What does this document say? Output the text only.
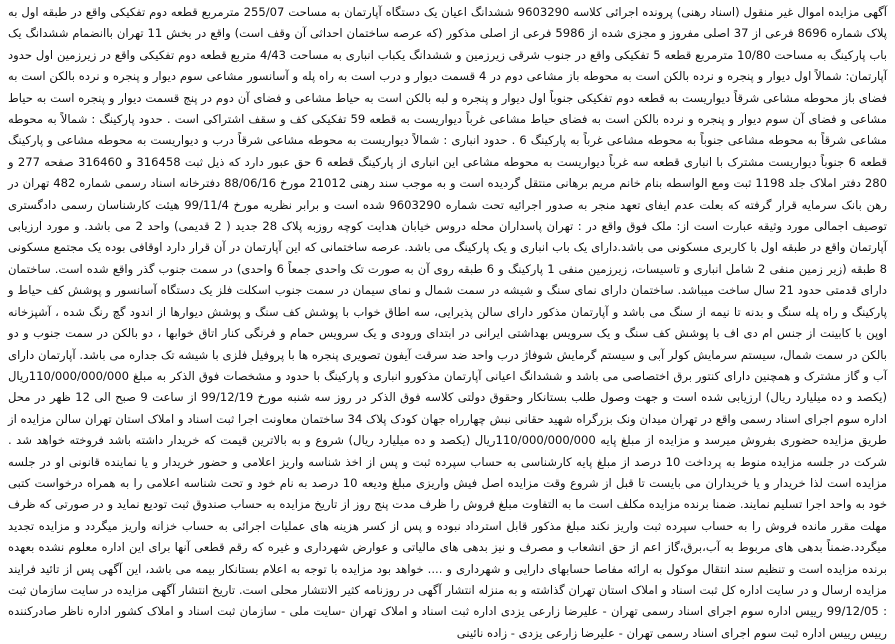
آگهی مزایده اموال غیر منقول (اسناد رهنی) پرونده اجرائی کلاسه 9603290 ششدانگ اعیان یک دستگاه آپارتمان به مساحت 255/07 مترمربع قطعه دوم تفکیکی واقع در طبقه اول به پلاک شماره 8696 فرعی از 37 اصلی مفروز و مجزی شده از 5986 فرعی از اصلی مذکور (که عرصه ساختمان احداثی آن وقف است) واقع در بخش 11 تهران باانضمام ششدانگ یک باب پارکینگ به مساحت 10/80 مترمربع قطعه 5 تفکیکی واقع در جنوب شرقی زیرزمین و ششدانگ یکباب انباری به مساحت 4/43 متربع قطعه دوم تفکیکی واقع در زیرزمین اول حدود آپارتمان: شمالاً اول دیوار و پنجره و نرده بالکن است به محوطه باز مشاعی دوم در 4 قسمت دیوار و درب است به راه پله و آسانسور مشاعی سوم دیوار و پنجره و نرده بالکن است به فضای باز محوطه مشاعی شرقاً دیواریست به قطعه دوم تفکیکی جنوباً اول دیوار و پنجره و لبه بالکن است به حیاط مشاعی و فضای آن دوم در پنج قسمت دیوار و پنجره است به حیاط مشاعی و فضای آن سوم دیوار و پنجره و نرده بالکن است به فضای حیاط مشاعی غرباً دیواریست به قطعه 59 تفکیکی کف و سقف اشتراکی است . حدود پارکینگ : شمالاً به محوطه مشاعی شرقاً به محوطه مشاعی جنوباً به محوطه مشاعی غرباً به پارکینگ 6 . حدود انباری : شمالاً دیواریست به محوطه مشاعی شرقاً درب و دیواریست به محوطه مشاعی و پارکینگ قطعه 6 جنوباً دیواریست مشترک با انباری قطعه سه غرباً دیواریست به محوطه مشاعی این انباری از پارکینگ قطعه 6 حق عبور دارد که ذیل ثبت 316458 و 316460 صفحه 277 و 280 دفتر املاک جلد 1198 ثبت ومع الواسطه بنام خانم مریم برهانی منتقل گردیده است و به موجب سند رهنی 21012 مورخ 88/06/16 دفترخانه اسناد رسمی شماره 482 تهران در رهن بانک سرمایه قرار گرفته که بعلت عدم ایفای تعهد منجر به صدور اجرائیه تحت شماره 9603290 شده است و برابر نظریه مورخ 99/11/4 هیئت کارشناسان رسمی دادگستری توصیف اجمالی مورد وثیقه عبارت است از: ملک فوق واقع در : تهران پاسداران محله دروس خیابان هدایت کوچه روزبه پلاک 28 جدید ( 2 قدیمی) واحد 2 می باشد. و مورد ارزیابی آپارتمان واقع در طبقه اول با کاربری مسکونی می باشد.دارای یک باب انباری و یک پارکینگ می باشد. عرصه ساختمانی که این آپارتمان در آن قرار دارد اوقافی بوده یک مجتمع مسکونی 8 طبقه (زیر زمین منفی 2 شامل انباری و تاسیسات، زیرزمین منفی 1 پارکینگ و 6 طبقه روی آن به صورت تک واحدی جمعاً 6 واحدی) در سمت جنوب گذر واقع شده است. ساختمان دارای قدمتی حدود 21 سال ساخت میباشد. ساختمان دارای نمای سنگ و شیشه در سمت شمال و نمای سیمان در سمت جنوب اسکلت فلز یک دستگاه آسانسور و پوشش کف حیاط و پارکینگ و راه پله سنگ و بدنه تا نیمه از سنگ می باشد و آپارتمان مذکور دارای سالن پذیرایی، سه اطاق خواب با پوشش کف سنگ و پوشش دیوارها از اندود گچ رنگ شده ، آشپزخانه اوپن با کابینت از جنس ام دی اف با پوشش کف سنگ و یک سرویس بهداشتی ایرانی در ابتدای ورودی و یک سرویس حمام و فرنگی کنار اتاق خوابها ، دو بالکن در سمت جنوب و دو بالکن در سمت شمال، سیستم سرمایش کولر آبی و سیستم گرمایش شوفاژ درب واحد ضد سرقت آیفون تصویری پنجره ها با پروفیل فلزی با شیشه تک جداره می باشد. آپارتمان دارای آب و گاز مشترک و همچنین دارای کنتور برق اختصاصی می باشد و ششدانگ اعیانی آپارتمان مذکورو انباری و پارکینگ با حدود و مشخصات فوق الذکر به مبلغ 110/000/000/000ریال (یکصد و ده میلیارد ریال) ارزیابی شده است و جهت وصول طلب بستانکار وحقوق دولتی کلاسه فوق الذکر در روز سه شنبه مورخ 99/12/19 از ساعت 9 صبح الی 12 ظهر در محل اداره سوم اجرای اسناد رسمی واقع در تهران میدان ونک بزرگراه شهید حقانی نبش چهارراه جهان کودک پلاک 34 ساختمان معاونت اجرا ثبت اسناد و املاک استان تهران سالن مزایده از طریق مزایده حضوری بفروش میرسد و مزایده از مبلغ پایه 110/000/000/000ریال (یکصد و ده میلیارد ریال) شروع و به بالاترین قیمت که خریدار داشته باشد فروخته خواهد شد . شرکت در جلسه مزایده منوط به پرداخت 10 درصد از مبلغ پایه کارشناسی به حساب سپرده ثبت و پس از اخذ شناسه واریز اعلامی و حضور خریدار و یا نماینده قانونی او در جلسه مزایده است لذا خریدار و یا خریداران می بایست تا قبل از شروع وقت مزایده اصل فیش واریزی مبلغ ودیعه 10 درصد به نام خود و تحت شناسه اعلامی را به همراه درخواست کتبی خود به واحد اجرا تسلیم نمایند. ضمنا برنده مزایده مکلف است ما به التفاوت مبلغ فروش را ظرف مدت پنج روز از تاریخ مزایده به حساب صندوق ثبت تودیع نماید و در صورتی که ظرف مهلت مقرر مانده فروش را به حساب سپرده ثبت واریز نکند مبلغ مذکور قابل استرداد نبوده و پس از کسر هزینه های عملیات اجرائی به حساب خزانه واریز میگردد و مزایده تجدید میگردد.ضمناً بدهی های مربوط به آب،برق،گاز اعم از حق انشعاب و مصرف و نیز بدهی های مالیاتی و عوارض شهرداری و غیره که رقم قطعی آنها برای این اداره معلوم نشده بعهده برنده مزایده است و تنظیم سند انتقال موکول به ارائه مفاصا حسابهای دارایی و شهرداری و .... خواهد بود مزایده با توجه به اعلام بستانکار بیمه می باشد، این آگهی پس از تائید فرایند مزایده ارسال و در سایت اداره کل ثبت اسناد و املاک استان تهران گذاشته و به منزله انتشار آگهی در روزنامه کثیر الانتشار محلی است. تاریخ انتشار آگهی مزایده در سایت سازمان ثبت : 99/12/05 رییس اداره سوم اجرای اسناد رسمی تهران - علیرضا زارعی یزدی اداره ثبت اسناد و املاک تهران -سایت ملی - سازمان ثبت اسناد و املاک کشور اداره ناظر صادرکننده رییس رییس اداره ثبت سوم اجرای اسناد رسمی تهران - علیرضا زارعی یزدی - زاده نائینی
